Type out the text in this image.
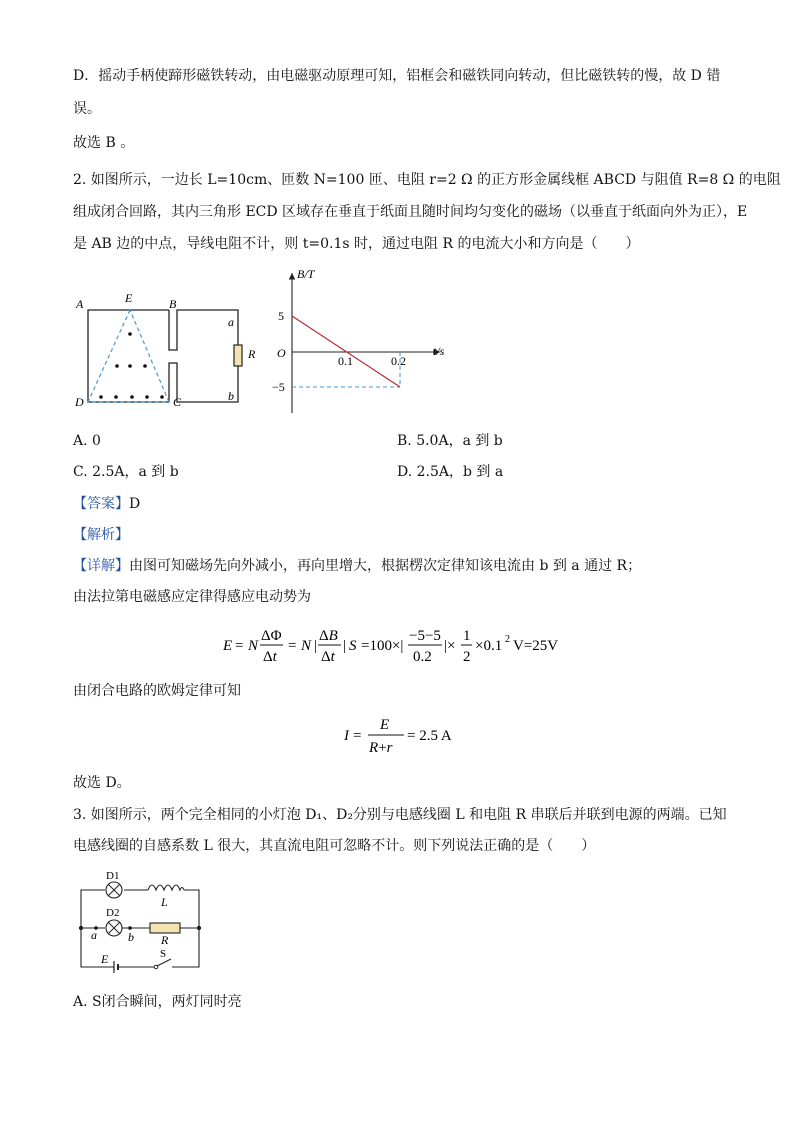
D．摇动手柄使蹄形磁铁转动，由电磁驱动原理可知，铝框会和磁铁同向转动，但比磁铁转的慢，故 D 错
误。
故选 B 。
2. 如图所示，一边长 L=10cm、匝数 N=100 匝、电阻 r=2 Ω 的正方形金属线框 ABCD 与阻值 R=8 Ω 的电阻
组成闭合回路，其内三角形 ECD 区域存在垂直于纸面且随时间均匀变化的磁场（以垂直于纸面向外为正），E
是 AB 边的中点，导线电阻不计，则 t=0.1s 时，通过电阻 R 的电流大小和方向是（　　）
A	E	B
D	C
a
b
R
B/T
t/s
O
5
−5
0.1	0.2
A. 0	B. 5.0A，a 到 b
C. 2.5A，a 到 b	D. 2.5A，b 到 a
【答案】D
【解析】
【详解】由图可知磁场先向外减小，再向里增大，根据楞次定律知该电流由 b 到 a 通过 R；
由法拉第电磁感应定律得感应电动势为
E = N
ΔΦ
Δt
= N |
ΔB
Δt
| S =100×|
−5−5
0.2
|×
1
2
×0.1 2 V=25V
由闭合电路的欧姆定律可知
I =
E
R+r
= 2.5 A
故选 D。
3. 如图所示，两个完全相同的小灯泡 D₁、D₂分别与电感线圈 L 和电阻 R 串联后并联到电源的两端。已知
电感线圈的自感系数 L 很大，其直流电阻可忽略不计。则下列说法正确的是（　　）
D1
D2
L
R
a	b
E	S
A. S闭合瞬间，两灯同时亮
